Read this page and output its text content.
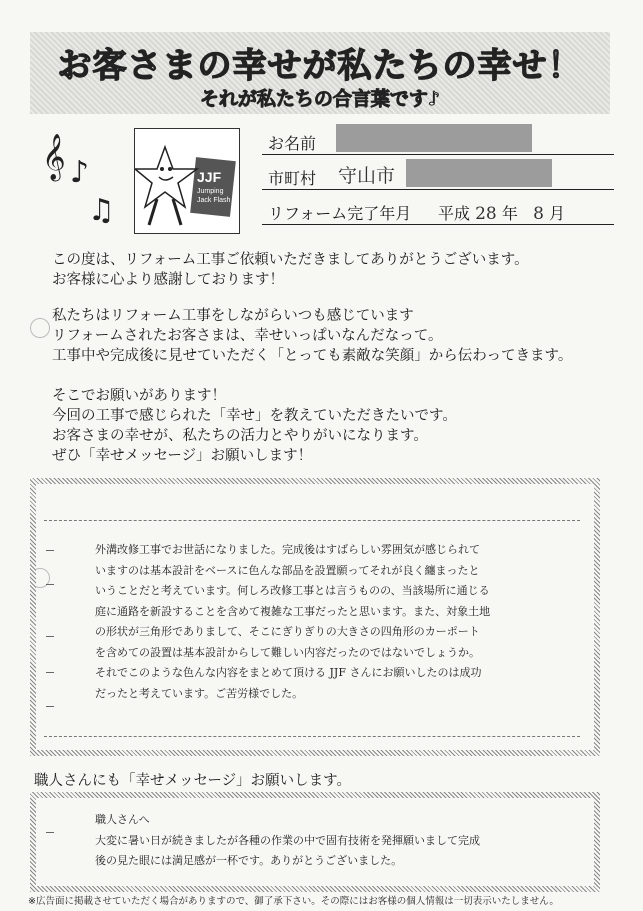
お客さまの幸せが私たちの幸せ！
それが私たちの合言葉です♪
𝄞 ♪
♫
JJF
Jumping Jack Flash
お名前
市町村 守山市
リフォーム完了年月 平成 28 年 8 月
この度は、リフォーム工事ご依頼いただきましてありがとうございます。
お客様に心より感謝しております！
私たちはリフォーム工事をしながらいつも感じています
リフォームされたお客さまは、幸せいっぱいなんだなって。
工事中や完成後に見せていただく「とっても素敵な笑顔」から伝わってきます。
そこでお願いがあります！
今回の工事で感じられた「幸せ」を教えていただきたいです。
お客さまの幸せが、私たちの活力とやりがいになります。
ぜひ「幸せメッセージ」お願いします！
外溝改修工事でお世話になりました。完成後はすばらしい雰囲気が感じられて
いますのは基本設計をベースに色んな部品を設置願ってそれが良く纏まったと
いうことだと考えています。何しろ改修工事とは言うものの、当該場所に通じる
庭に通路を新設することを含めて複雑な工事だったと思います。また、対象土地
の形状が三角形でありまして、そこにぎりぎりの大きさの四角形のカーポート
を含めての設置は基本設計からして難しい内容だったのではないでしょうか。
それでこのような色んな内容をまとめて頂ける JJF さんにお願いしたのは成功
だったと考えています。ご苦労様でした。
職人さんにも「幸せメッセージ」お願いします。
職人さんへ
大変に暑い日が続きましたが各種の作業の中で固有技術を発揮願いまして完成
後の見た眼には満足感が一杯です。ありがとうございました。
※広告面に掲載させていただく場合がありますので、御了承下さい。その際にはお客様の個人情報は一切表示いたしません。
